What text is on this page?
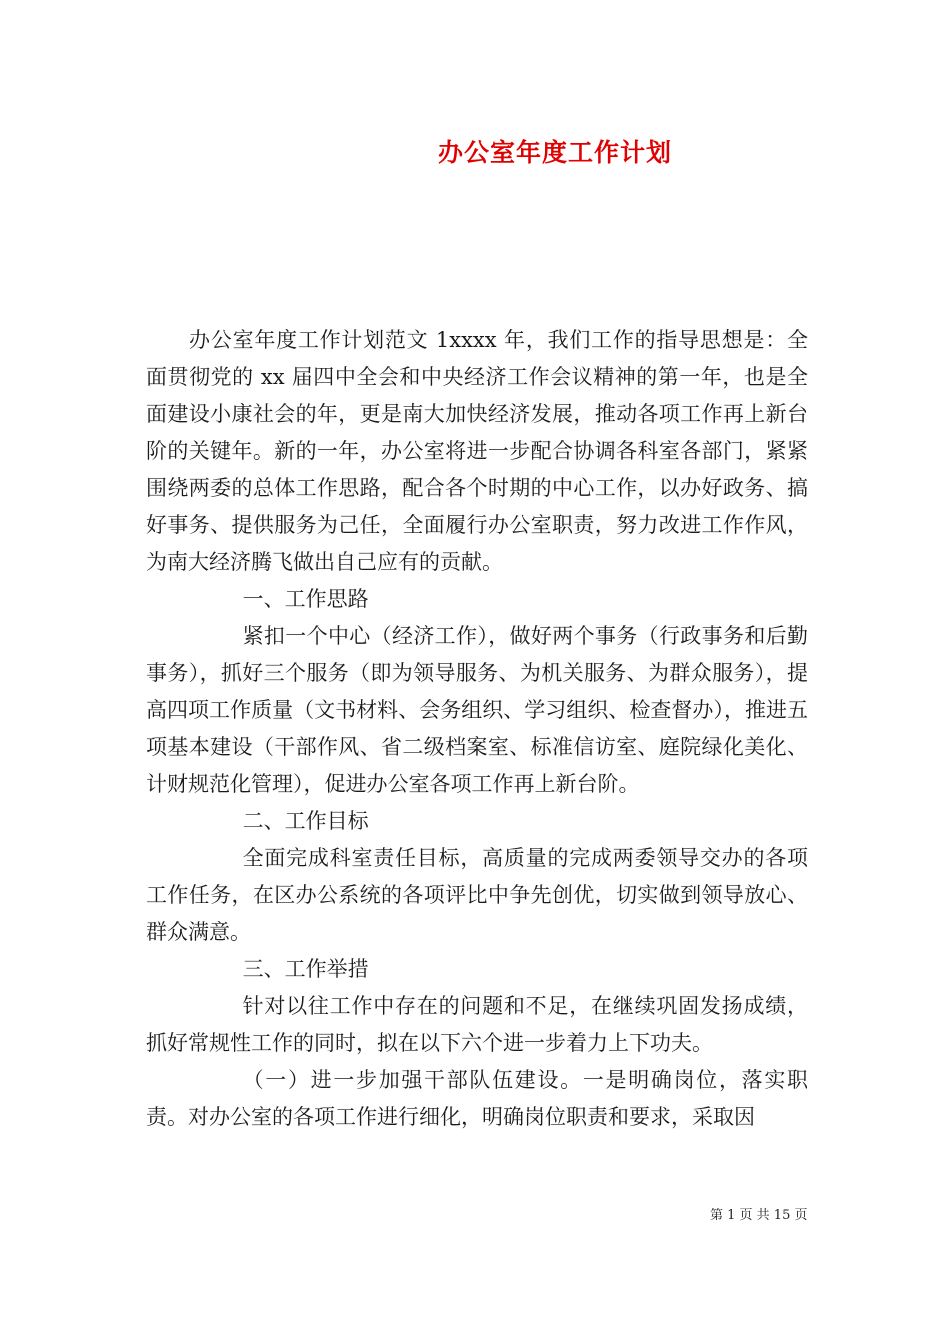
办公室年度工作计划

办公室年度工作计划范文 1xxxx 年，我们工作的指导思想是：全面贯彻党的 xx 届四中全会和中央经济工作会议精神的第一年，也是全面建设小康社会的年，更是南大加快经济发展，推动各项工作再上新台阶的关键年。新的一年，办公室将进一步配合协调各科室各部门，紧紧围绕两委的总体工作思路，配合各个时期的中心工作，以办好政务、搞好事务、提供服务为己任，全面履行办公室职责，努力改进工作作风，为南大经济腾飞做出自己应有的贡献。

一、工作思路

紧扣一个中心（经济工作），做好两个事务（行政事务和后勤事务），抓好三个服务（即为领导服务、为机关服务、为群众服务），提高四项工作质量（文书材料、会务组织、学习组织、检查督办），推进五项基本建设（干部作风、省二级档案室、标准信访室、庭院绿化美化、计财规范化管理），促进办公室各项工作再上新台阶。

二、工作目标

全面完成科室责任目标，高质量的完成两委领导交办的各项工作任务，在区办公系统的各项评比中争先创优，切实做到领导放心、群众满意。

三、工作举措

针对以往工作中存在的问题和不足，在继续巩固发扬成绩，抓好常规性工作的同时，拟在以下六个进一步着力上下功夫。

（一）进一步加强干部队伍建设。一是明确岗位，落实职责。对办公室的各项工作进行细化，明确岗位职责和要求，采取因

第 1 页 共 15 页
